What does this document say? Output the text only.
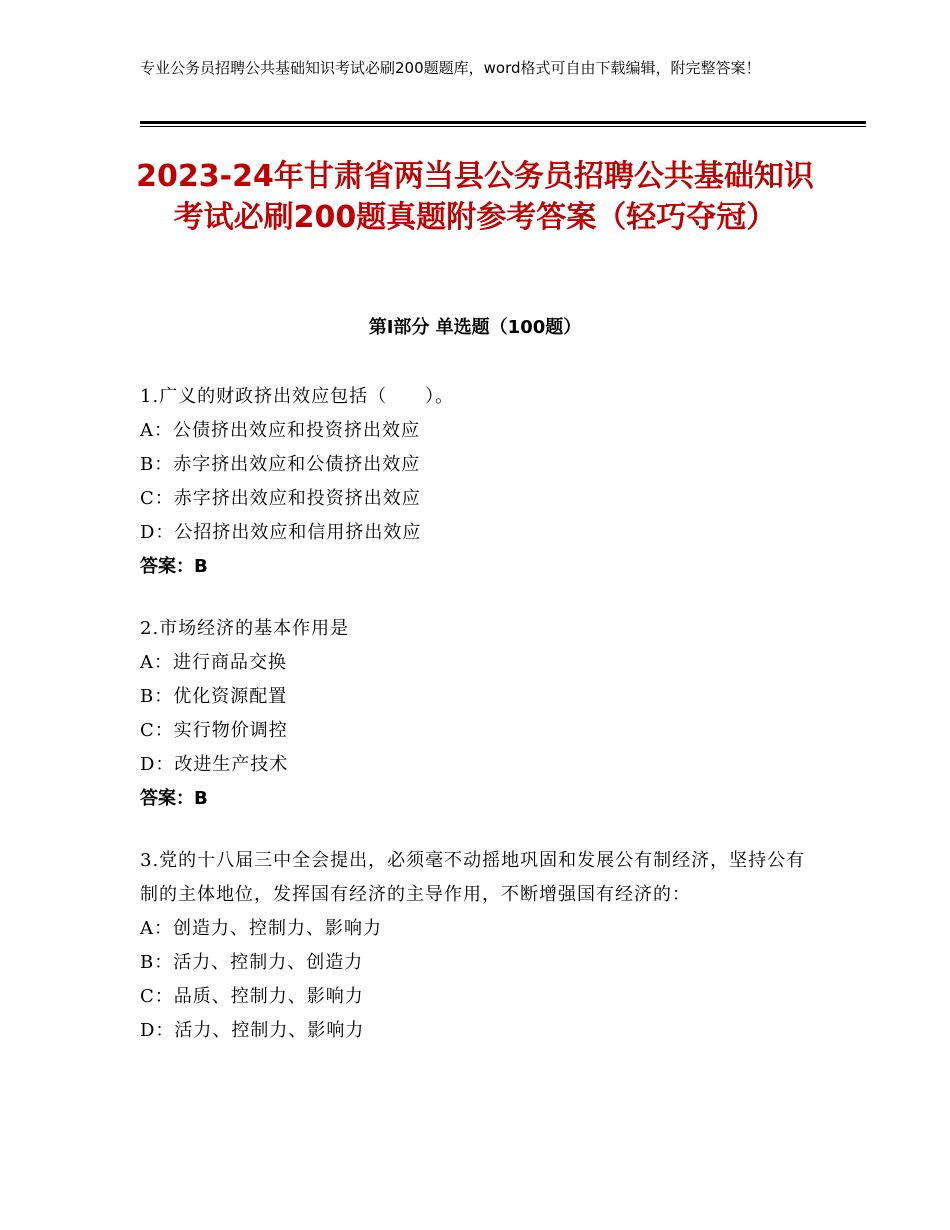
专业公务员招聘公共基础知识考试必刷200题题库，word格式可自由下载编辑，附完整答案！
2023-24年甘肃省两当县公务员招聘公共基础知识考试必刷200题真题附参考答案（轻巧夺冠）
第Ⅰ部分 单选题（100题）
1.广义的财政挤出效应包括（　　）。
A：公债挤出效应和投资挤出效应
B：赤字挤出效应和公债挤出效应
C：赤字挤出效应和投资挤出效应
D：公招挤出效应和信用挤出效应
答案：B
2.市场经济的基本作用是
A：进行商品交换
B：优化资源配置
C：实行物价调控
D：改进生产技术
答案：B
3.党的十八届三中全会提出，必须毫不动摇地巩固和发展公有制经济，坚持公有制的主体地位，发挥国有经济的主导作用，不断增强国有经济的：
A：创造力、控制力、影响力
B：活力、控制力、创造力
C：品质、控制力、影响力
D：活力、控制力、影响力
